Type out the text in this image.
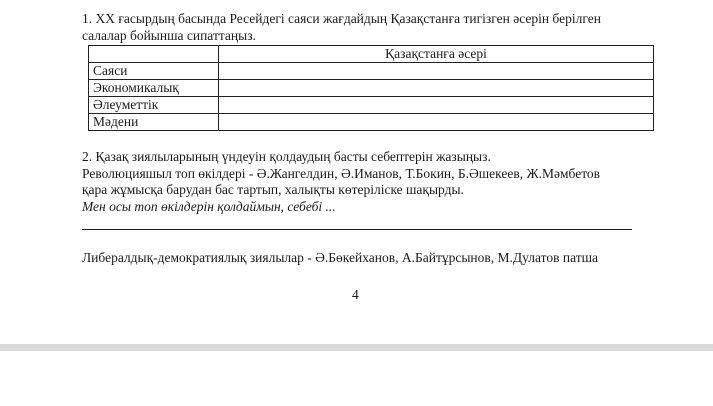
1. XX ғасырдың басында Ресейдегі саяси жағдайдың Қазақстанға тигізген әсерін берілген
салалар бойынша сипаттаңыз.
	Қазақстанға әсері
Саяси	
Экономикалық	
Әлеуметтік	
Мәдени	
2. Қазақ зиялыларының үндеуін қолдаудың басты себептерін жазыңыз.
Революцияшыл топ өкілдері - Ә.Жангелдин, Ә.Иманов, Т.Бокин, Б.Әшекеев, Ж.Мәмбетов
қара жұмысқа барудан бас тартып, халықты көтерілiске шақырды.
Мен осы топ өкілдерін қолдаймын, себебі ...
Либералдық-демократиялық зиялылар - Ә.Бөкейханов, А.Байтұрсынов, М.Дулатов патша
4
